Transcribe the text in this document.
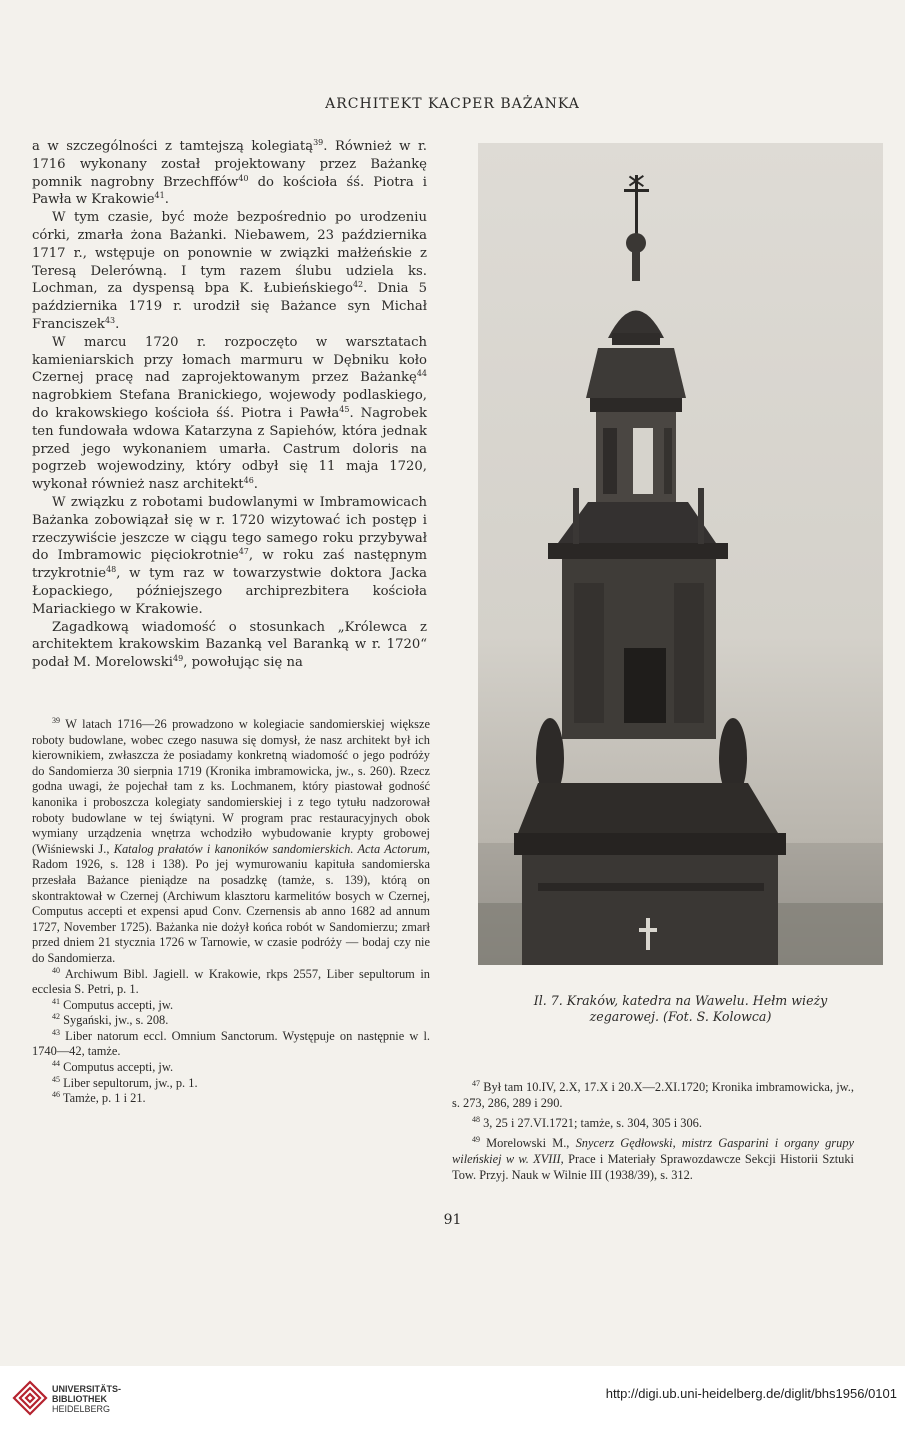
ARCHITEKT KACPER BAŻANKA

a w szczególności z tamtejszą kolegiatą$^{39}$. Również w r. 1716 wykonany został projektowany przez Bażankę pomnik nagrobny Brzechffów$^{40}$ do kościoła śś. Piotra i Pawła w Krakowie$^{41}$.

W tym czasie, być może bezpośrednio po urodzeniu córki, zmarła żona Bażanki. Niebawem, 23 października 1717 r., wstępuje on ponownie w związki małżeńskie z Teresą Delerówną. I tym razem ślubu udziela ks. Lochman, za dyspensą bpa K. Łubieńskiego$^{42}$. Dnia 5 października 1719 r. urodził się Bażance syn Michał Franciszek$^{43}$.

W marcu 1720 r. rozpoczęto w warsztatach kamieniarskich przy łomach marmuru w Dębniku koło Czernej pracę nad zaprojektowanym przez Bażankę$^{44}$ nagrobkiem Stefana Branickiego, wojewody podlaskiego, do krakowskiego kościoła śś. Piotra i Pawła$^{45}$. Nagrobek ten fundowała wdowa Katarzyna z Sapiehów, która jednak przed jego wykonaniem umarła. Castrum doloris na pogrzeb wojewodziny, który odbył się 11 maja 1720, wykonał również nasz architekt$^{46}$.

W związku z robotami budowlanymi w Imbramowicach Bażanka zobowiązał się w r. 1720 wizytować ich postęp i rzeczywiście jeszcze w ciągu tego samego roku przybywał do Imbramowic pięciokrotnie$^{47}$, w roku zaś następnym trzykrotnie$^{48}$, w tym raz w towarzystwie doktora Jacka Łopackiego, późniejszego archiprezbitera kościoła Mariackiego w Krakowie.

Zagadkową wiadomość o stosunkach „Królewca z architektem krakowskim Bazanką vel Baranką w r. 1720“ podał M. Morelowski$^{49}$, powołując się na

$^{39}$ W latach 1716—26 prowadzono w kolegiacie sandomierskiej większe roboty budowlane, wobec czego nasuwa się domysł, że nasz architekt był ich kierownikiem, zwłaszcza że posiadamy konkretną wiadomość o jego podróży do Sandomierza 30 sierpnia 1719 (Kronika imbramowicka, jw., s. 260). Rzecz godna uwagi, że pojechał tam z ks. Lochmanem, który piastował godność kanonika i proboszcza kolegiaty sandomierskiej i z tego tytułu nadzorował roboty budowlane w tej świątyni. W program prac restauracyjnych obok wymiany urządzenia wnętrza wchodziło wybudowanie krypty grobowej (Wiśniewski J., Katalog prałatów i kanoników sandomierskich. Acta Actorum, Radom 1926, s. 128 i 138). Po jej wymurowaniu kapituła sandomierska przesłała Bażance pieniądze na posadzkę (tamże, s. 139), którą on skontraktował w Czernej (Archiwum klasztoru karmelitów bosych w Czernej, Computus accepti et expensi apud Conv. Czernensis ab anno 1682 ad annum 1727, November 1725). Bażanka nie dożył końca robót w Sandomierzu; zmarł przed dniem 21 stycznia 1726 w Tarnowie, w czasie podróży — bodaj czy nie do Sandomierza.

$^{40}$ Archiwum Bibl. Jagiell. w Krakowie, rkps 2557, Liber sepultorum in ecclesia S. Petri, p. 1.

$^{41}$ Computus accepti, jw.

$^{42}$ Sygański, jw., s. 208.

$^{43}$ Liber natorum eccl. Omnium Sanctorum. Występuje on następnie w l. 1740—42, tamże.

$^{44}$ Computus accepti, jw.

$^{45}$ Liber sepultorum, jw., p. 1.

$^{46}$ Tamże, p. 1 i 21.

Il. 7. Kraków, katedra na Wawelu. Hełm wieży
zegarowej. (Fot. S. Kolowca)

$^{47}$ Był tam 10.IV, 2.X, 17.X i 20.X—2.XI.1720; Kronika imbramowicka, jw., s. 273, 286, 289 i 290.

$^{48}$ 3, 25 i 27.VI.1721; tamże, s. 304, 305 i 306.

$^{49}$ Morelowski M., Snycerz Gędłowski, mistrz Gasparini i organy grupy wileńskiej w w. XVIII, Prace i Materiały Sprawozdawcze Sekcji Historii Sztuki Tow. Przyj. Nauk w Wilnie III (1938/39), s. 312.

91
UNIVERSITÄTS-
BIBLIOTHEK
HEIDELBERG
http://digi.ub.uni-heidelberg.de/diglit/bhs1956/0101
